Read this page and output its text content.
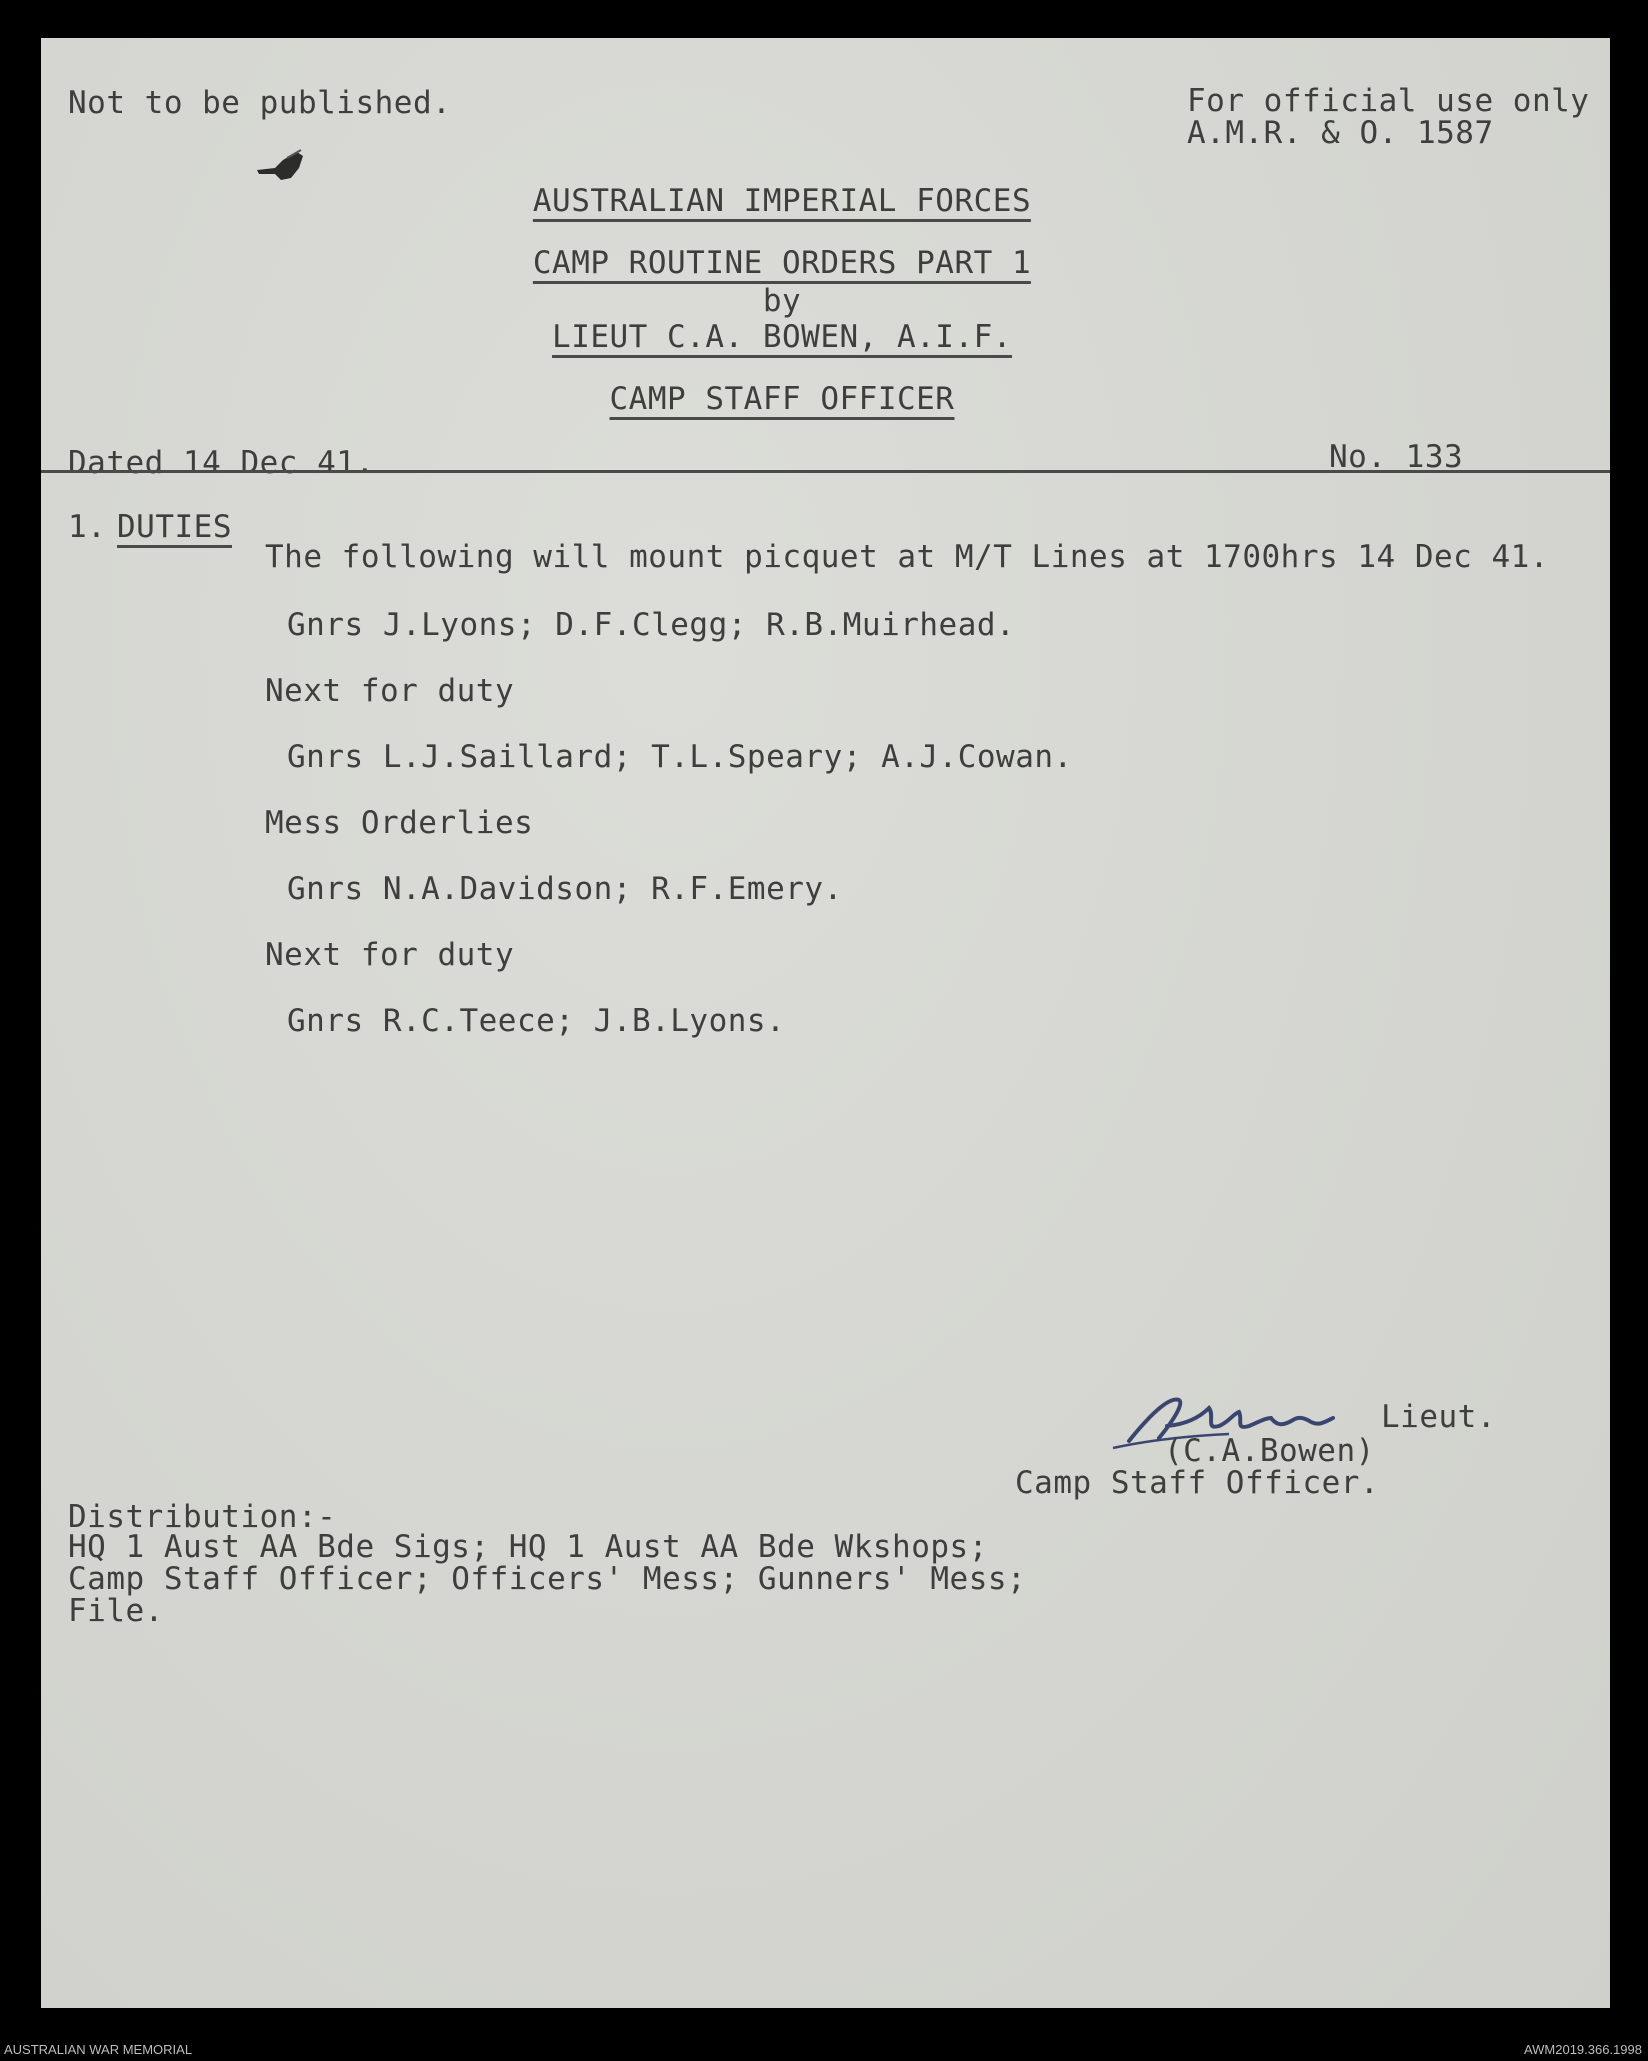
Not to be published.	For official use only
A.M.R. & O. 1587
AUSTRALIAN IMPERIAL FORCES
CAMP ROUTINE ORDERS PART 1
by
LIEUT C.A. BOWEN, A.I.F.
CAMP STAFF OFFICER
Dated 14 Dec 41.	No. 133
1. DUTIES
The following will mount picquet at M/T Lines at 1700hrs 14 Dec 41.
Gnrs J.Lyons; D.F.Clegg; R.B.Muirhead.
Next for duty
Gnrs L.J.Saillard; T.L.Speary; A.J.Cowan.
Mess Orderlies
Gnrs N.A.Davidson; R.F.Emery.
Next for duty
Gnrs R.C.Teece; J.B.Lyons.
Lieut.
(C.A.Bowen)
Camp Staff Officer.
Distribution:-
HQ 1 Aust AA Bde Sigs; HQ 1 Aust AA Bde Wkshops;
Camp Staff Officer; Officers' Mess; Gunners' Mess;
File.
AUSTRALIAN WAR MEMORIAL	AWM2019.366.1998
